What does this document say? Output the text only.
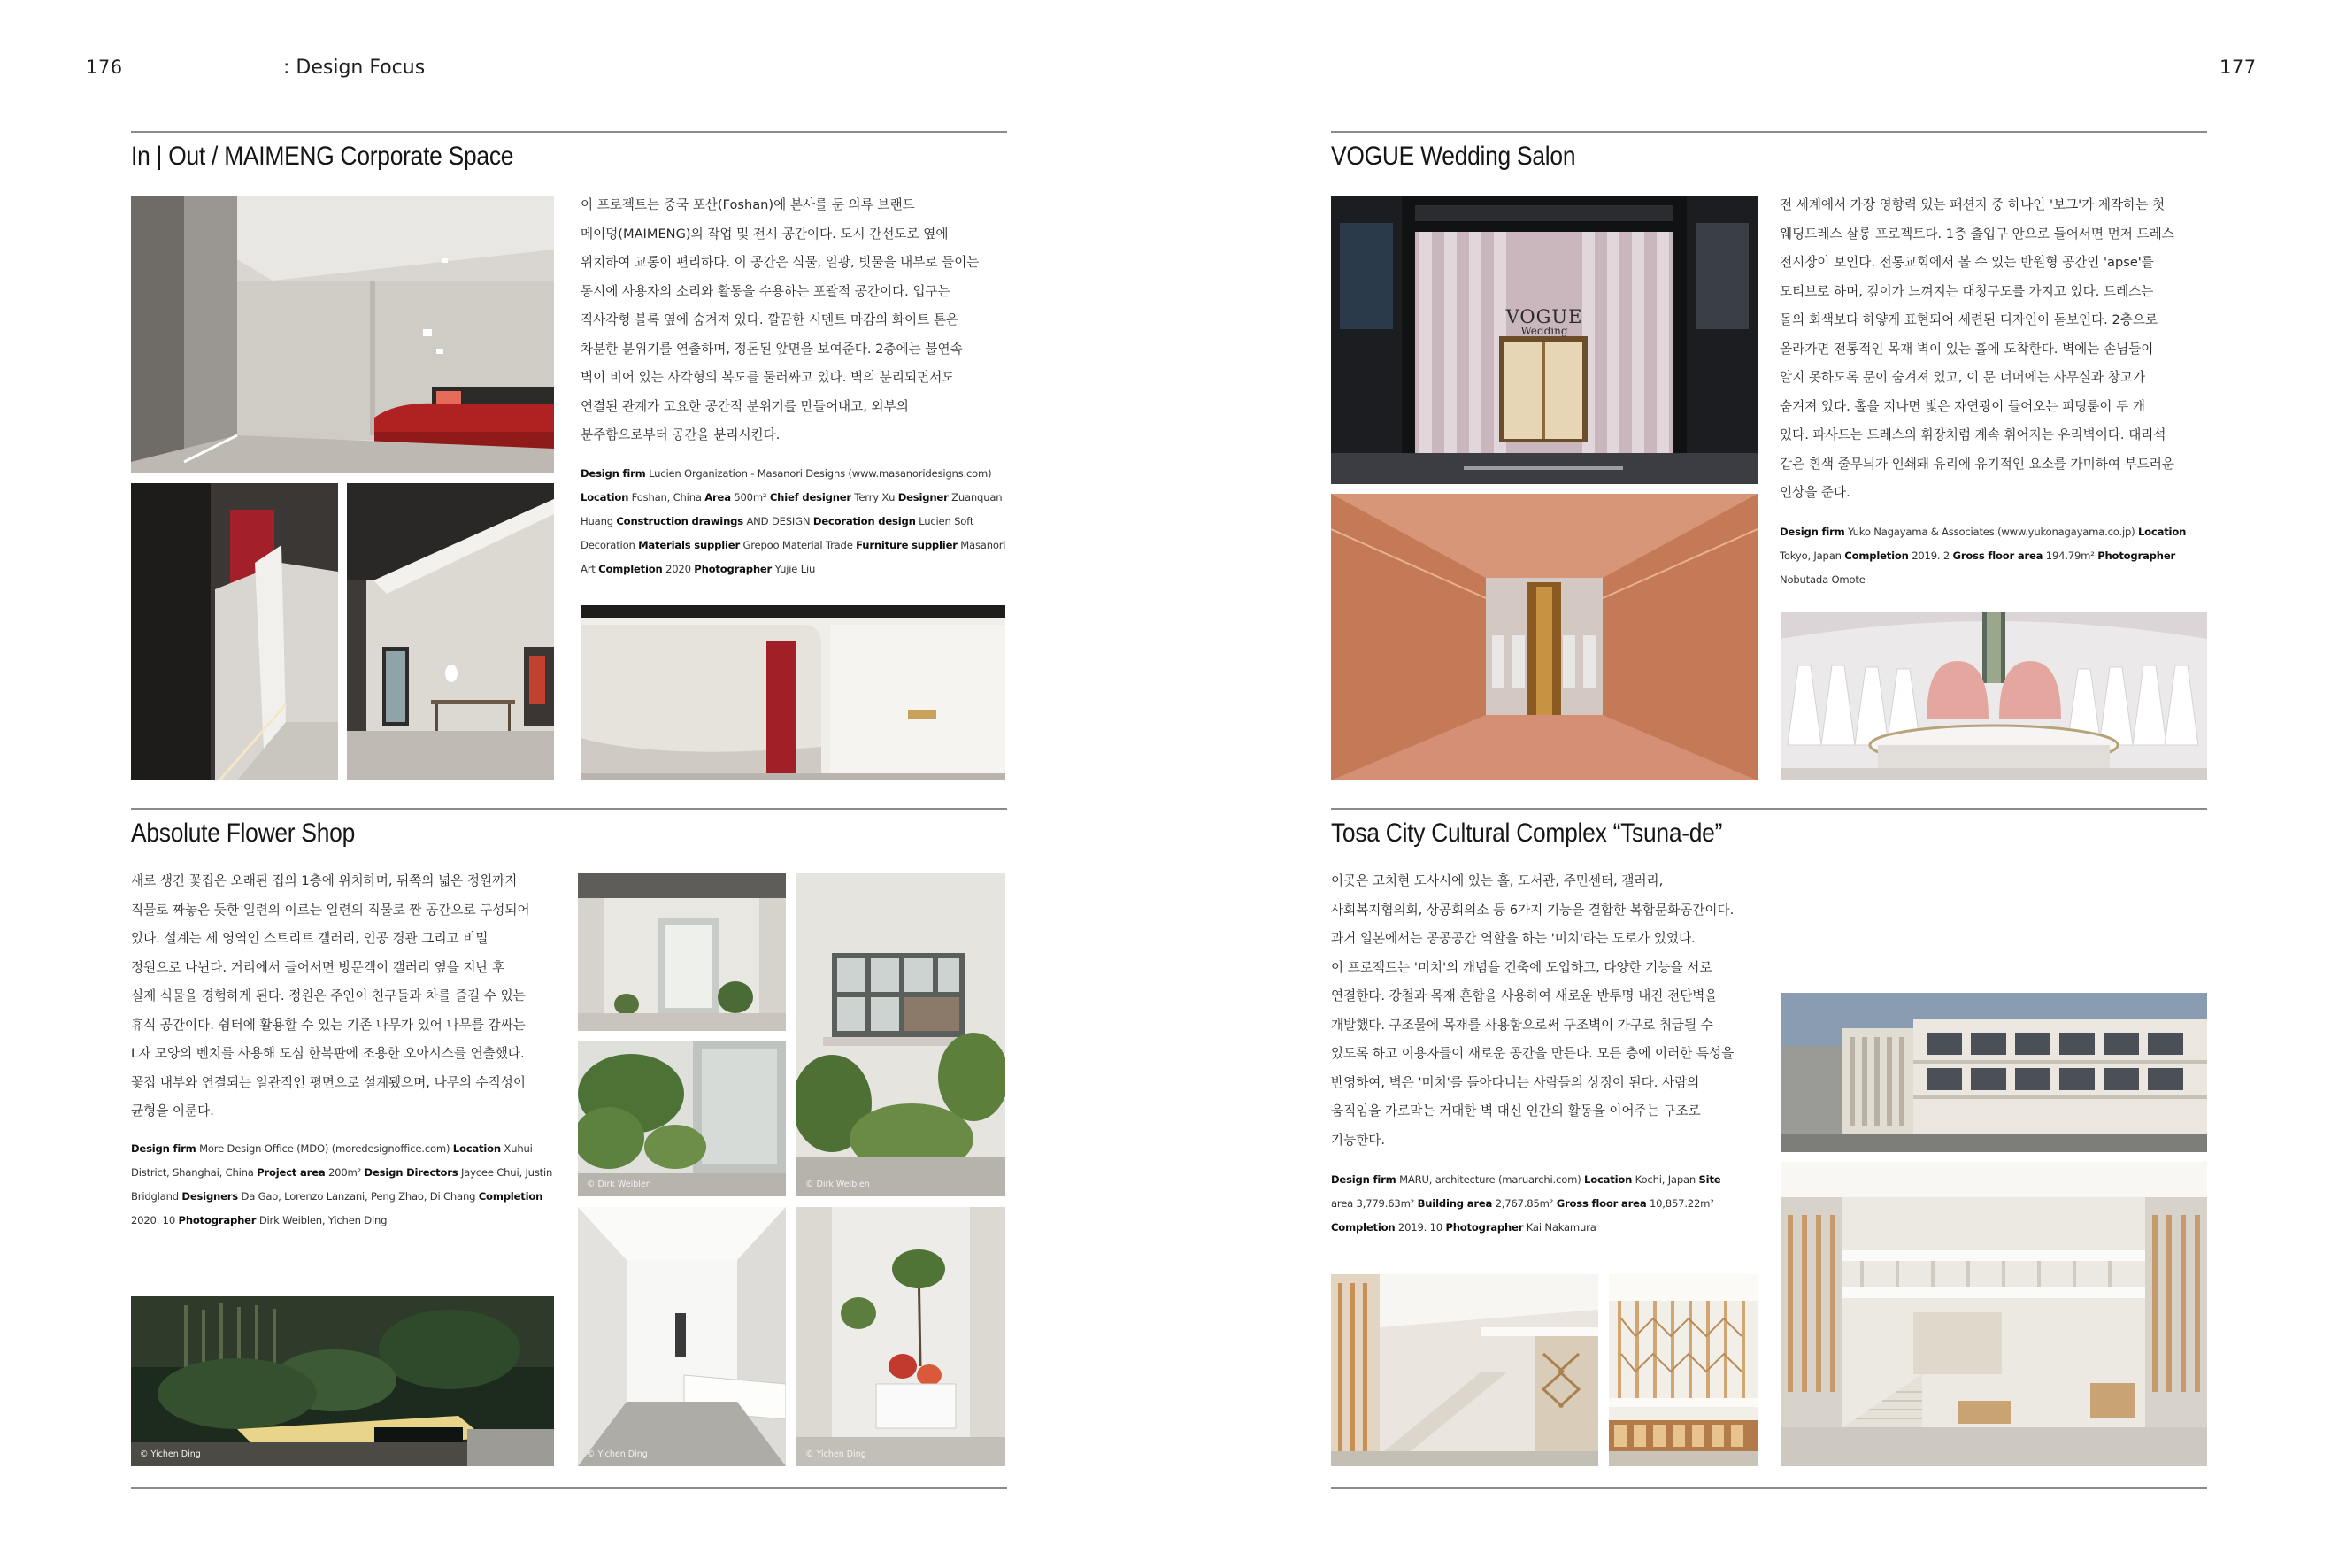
176	: Design Focus	177
In | Out / MAIMENG Corporate Space
이 프로젝트는 중국 포산(Foshan)에 본사를 둔 의류 브랜드
메이멍(MAIMENG)의 작업 및 전시 공간이다. 도시 간선도로 옆에
위치하여 교통이 편리하다. 이 공간은 식물, 일광, 빗물을 내부로 들이는
동시에 사용자의 소리와 활동을 수용하는 포괄적 공간이다. 입구는
직사각형 블록 옆에 숨겨져 있다. 깔끔한 시멘트 마감의 화이트 톤은
차분한 분위기를 연출하며, 정돈된 앞면을 보여준다. 2층에는 불연속
벽이 비어 있는 사각형의 복도를 둘러싸고 있다. 벽의 분리되면서도
연결된 관계가 고요한 공간적 분위기를 만들어내고, 외부의
분주함으로부터 공간을 분리시킨다.
Design firm Lucien Organization - Masanori Designs (www.masanoridesigns.com)
Location Foshan, China Area 500m² Chief designer Terry Xu Designer Zuanquan
Huang Construction drawings AND DESIGN Decoration design Lucien Soft
Decoration Materials supplier Grepoo Material Trade Furniture supplier Masanori
Art Completion 2020 Photographer Yujie Liu
VOGUE Wedding Salon
VOGUE
Wedding
전 세계에서 가장 영향력 있는 패션지 중 하나인 '보그'가 제작하는 첫
웨딩드레스 살롱 프로젝트다. 1층 출입구 안으로 들어서면 먼저 드레스
전시장이 보인다. 전통교회에서 볼 수 있는 반원형 공간인 'apse'를
모티브로 하며, 깊이가 느껴지는 대칭구도를 가지고 있다. 드레스는
돌의 회색보다 하얗게 표현되어 세련된 디자인이 돋보인다. 2층으로
올라가면 전통적인 목재 벽이 있는 홀에 도착한다. 벽에는 손님들이
알지 못하도록 문이 숨겨져 있고, 이 문 너머에는 사무실과 창고가
숨겨져 있다. 홀을 지나면 빛은 자연광이 들어오는 피팅룸이 두 개
있다. 파사드는 드레스의 휘장처럼 계속 휘어지는 유리벽이다. 대리석
같은 흰색 줄무늬가 인쇄돼 유리에 유기적인 요소를 가미하여 부드러운
인상을 준다.
Design firm Yuko Nagayama & Associates (www.yukonagayama.co.jp) Location
Tokyo, Japan Completion 2019. 2 Gross floor area 194.79m² Photographer
Nobutada Omote
Absolute Flower Shop
새로 생긴 꽃집은 오래된 집의 1층에 위치하며, 뒤쪽의 넓은 정원까지
직물로 짜놓은 듯한 일련의 이르는 일련의 직물로 짠 공간으로 구성되어
있다. 설계는 세 영역인 스트리트 갤러리, 인공 경관 그리고 비밀
정원으로 나뉜다. 거리에서 들어서면 방문객이 갤러리 옆을 지난 후
실제 식물을 경험하게 된다. 정원은 주인이 친구들과 차를 즐길 수 있는
휴식 공간이다. 쉼터에 활용할 수 있는 기존 나무가 있어 나무를 감싸는
L자 모양의 벤치를 사용해 도심 한복판에 조용한 오아시스를 연출했다.
꽃집 내부와 연결되는 일관적인 평면으로 설계됐으며, 나무의 수직성이
균형을 이룬다.
Design firm More Design Office (MDO) (moredesignoffice.com) Location Xuhui
District, Shanghai, China Project area 200m² Design Directors Jaycee Chui, Justin
Bridgland Designers Da Gao, Lorenzo Lanzani, Peng Zhao, Di Chang Completion
2020. 10 Photographer Dirk Weiblen, Yichen Ding
© Yichen Ding
© Dirk Weiblen	© Dirk Weiblen
© Yichen Ding	© Yichen Ding
Tosa City Cultural Complex “Tsuna-de”
이곳은 고치현 도사시에 있는 홀, 도서관, 주민센터, 갤러리,
사회복지협의회, 상공회의소 등 6가지 기능을 결합한 복합문화공간이다.
과거 일본에서는 공공공간 역할을 하는 '미치'라는 도로가 있었다.
이 프로젝트는 '미치'의 개념을 건축에 도입하고, 다양한 기능을 서로
연결한다. 강철과 목재 혼합을 사용하여 새로운 반투명 내진 전단벽을
개발했다. 구조물에 목재를 사용함으로써 구조벽이 가구로 취급될 수
있도록 하고 이용자들이 새로운 공간을 만든다. 모든 층에 이러한 특성을
반영하여, 벽은 '미치'를 돌아다니는 사람들의 상징이 된다. 사람의
움직임을 가로막는 거대한 벽 대신 인간의 활동을 이어주는 구조로
기능한다.
Design firm MARU, architecture (maruarchi.com) Location Kochi, Japan Site
area 3,779.63m² Building area 2,767.85m² Gross floor area 10,857.22m²
Completion 2019. 10 Photographer Kai Nakamura
